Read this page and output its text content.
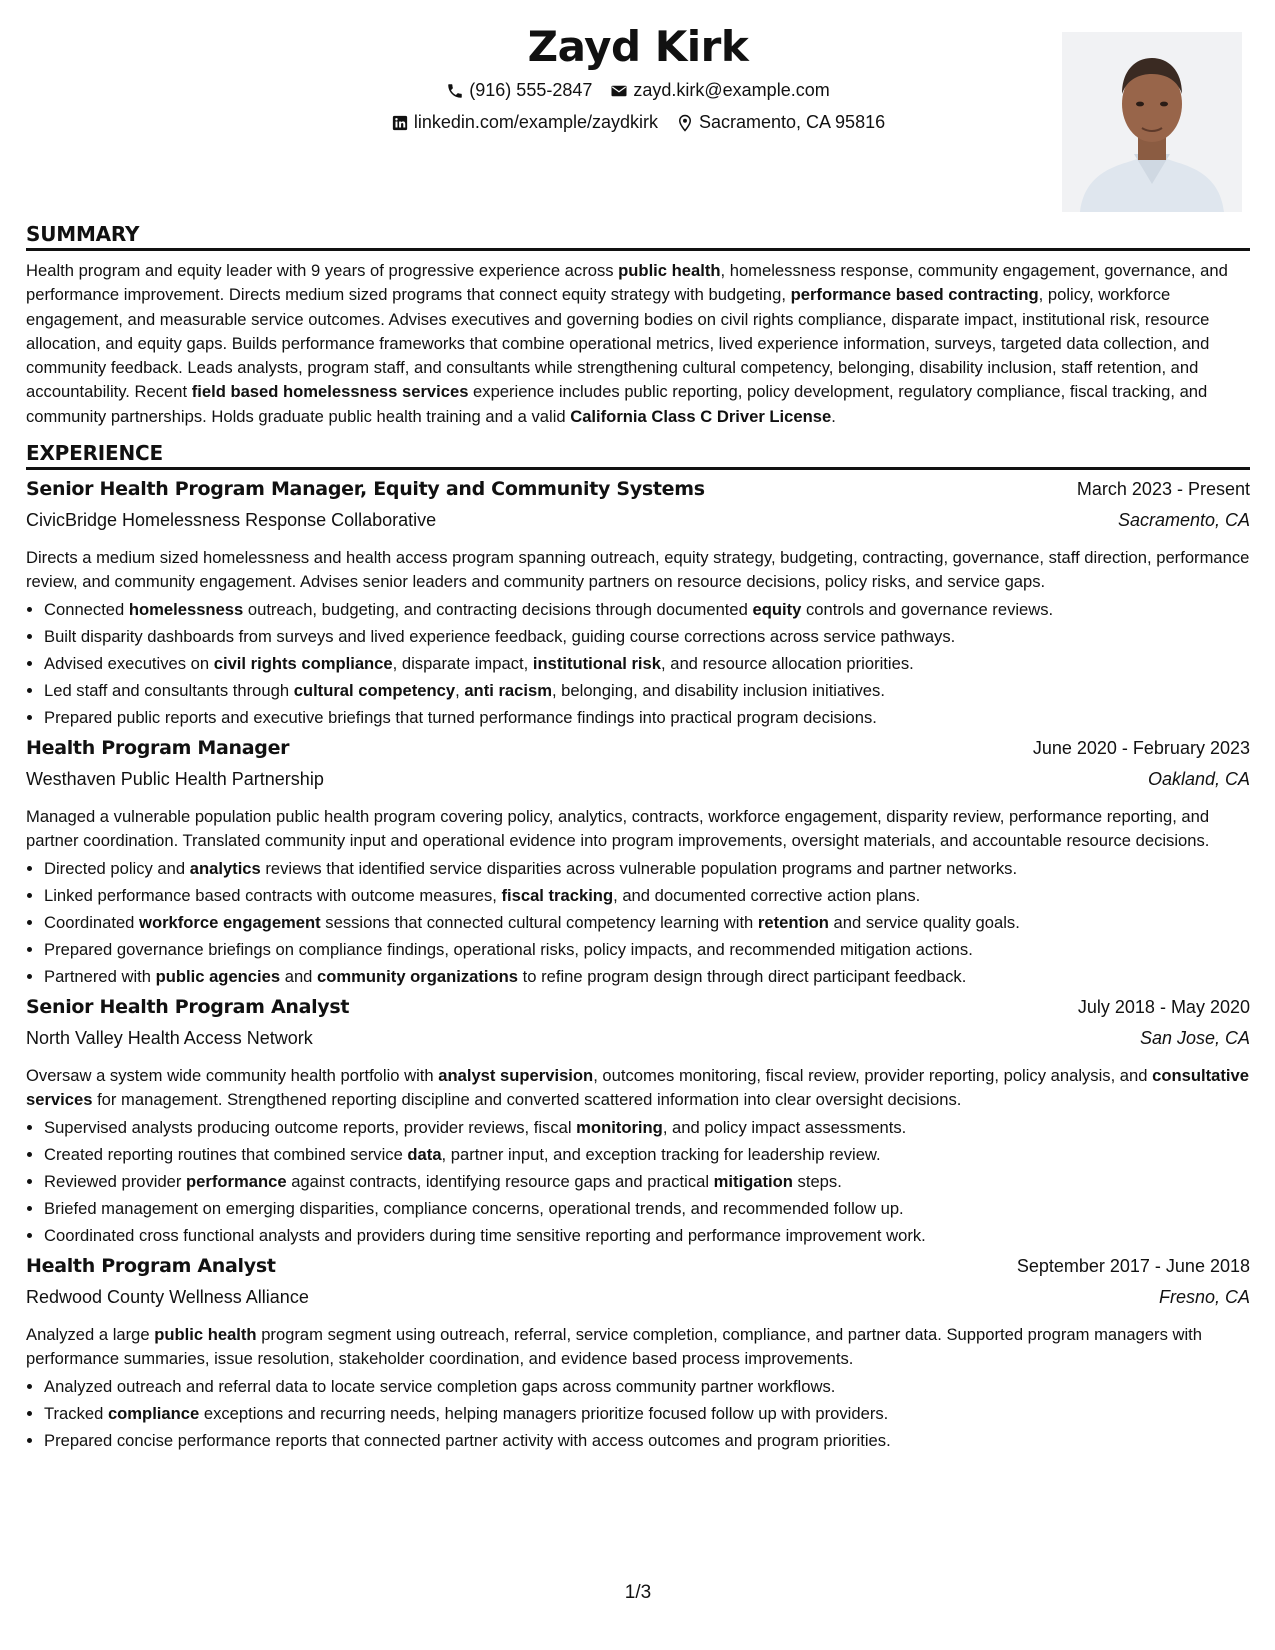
Zayd Kirk
(916) 555-2847 zayd.kirk@example.com
linkedin.com/example/zaydkirk Sacramento, CA 95816
SUMMARY

Health program and equity leader with 9 years of progressive experience across public health, homelessness response, community engagement, governance, and performance improvement. Directs medium sized programs that connect equity strategy with budgeting, performance based contracting, policy, workforce engagement, and measurable service outcomes. Advises executives and governing bodies on civil rights compliance, disparate impact, institutional risk, resource allocation, and equity gaps. Builds performance frameworks that combine operational metrics, lived experience information, surveys, targeted data collection, and community feedback. Leads analysts, program staff, and consultants while strengthening cultural competency, belonging, disability inclusion, staff retention, and accountability. Recent field based homelessness services experience includes public reporting, policy development, regulatory compliance, fiscal tracking, and community partnerships. Holds graduate public health training and a valid California Class C Driver License.

EXPERIENCE
Senior Health Program Manager, Equity and Community Systems	March 2023 - Present
CivicBridge Homelessness Response Collaborative	Sacramento, CA
Directs a medium sized homelessness and health access program spanning outreach, equity strategy, budgeting, contracting, governance, staff direction, performance review, and community engagement. Advises senior leaders and community partners on resource decisions, policy risks, and service gaps.
• Connected homelessness outreach, budgeting, and contracting decisions through documented equity controls and governance reviews.
• Built disparity dashboards from surveys and lived experience feedback, guiding course corrections across service pathways.
• Advised executives on civil rights compliance, disparate impact, institutional risk, and resource allocation priorities.
• Led staff and consultants through cultural competency, anti racism, belonging, and disability inclusion initiatives.
• Prepared public reports and executive briefings that turned performance findings into practical program decisions.
Health Program Manager	June 2020 - February 2023
Westhaven Public Health Partnership	Oakland, CA
Managed a vulnerable population public health program covering policy, analytics, contracts, workforce engagement, disparity review, performance reporting, and partner coordination. Translated community input and operational evidence into program improvements, oversight materials, and accountable resource decisions.
• Directed policy and analytics reviews that identified service disparities across vulnerable population programs and partner networks.
• Linked performance based contracts with outcome measures, fiscal tracking, and documented corrective action plans.
• Coordinated workforce engagement sessions that connected cultural competency learning with retention and service quality goals.
• Prepared governance briefings on compliance findings, operational risks, policy impacts, and recommended mitigation actions.
• Partnered with public agencies and community organizations to refine program design through direct participant feedback.
Senior Health Program Analyst	July 2018 - May 2020
North Valley Health Access Network	San Jose, CA
Oversaw a system wide community health portfolio with analyst supervision, outcomes monitoring, fiscal review, provider reporting, policy analysis, and consultative services for management. Strengthened reporting discipline and converted scattered information into clear oversight decisions.
• Supervised analysts producing outcome reports, provider reviews, fiscal monitoring, and policy impact assessments.
• Created reporting routines that combined service data, partner input, and exception tracking for leadership review.
• Reviewed provider performance against contracts, identifying resource gaps and practical mitigation steps.
• Briefed management on emerging disparities, compliance concerns, operational trends, and recommended follow up.
• Coordinated cross functional analysts and providers during time sensitive reporting and performance improvement work.
Health Program Analyst	September 2017 - June 2018
Redwood County Wellness Alliance	Fresno, CA
Analyzed a large public health program segment using outreach, referral, service completion, compliance, and partner data. Supported program managers with performance summaries, issue resolution, stakeholder coordination, and evidence based process improvements.
• Analyzed outreach and referral data to locate service completion gaps across community partner workflows.
• Tracked compliance exceptions and recurring needs, helping managers prioritize focused follow up with providers.
• Prepared concise performance reports that connected partner activity with access outcomes and program priorities.
1/3
